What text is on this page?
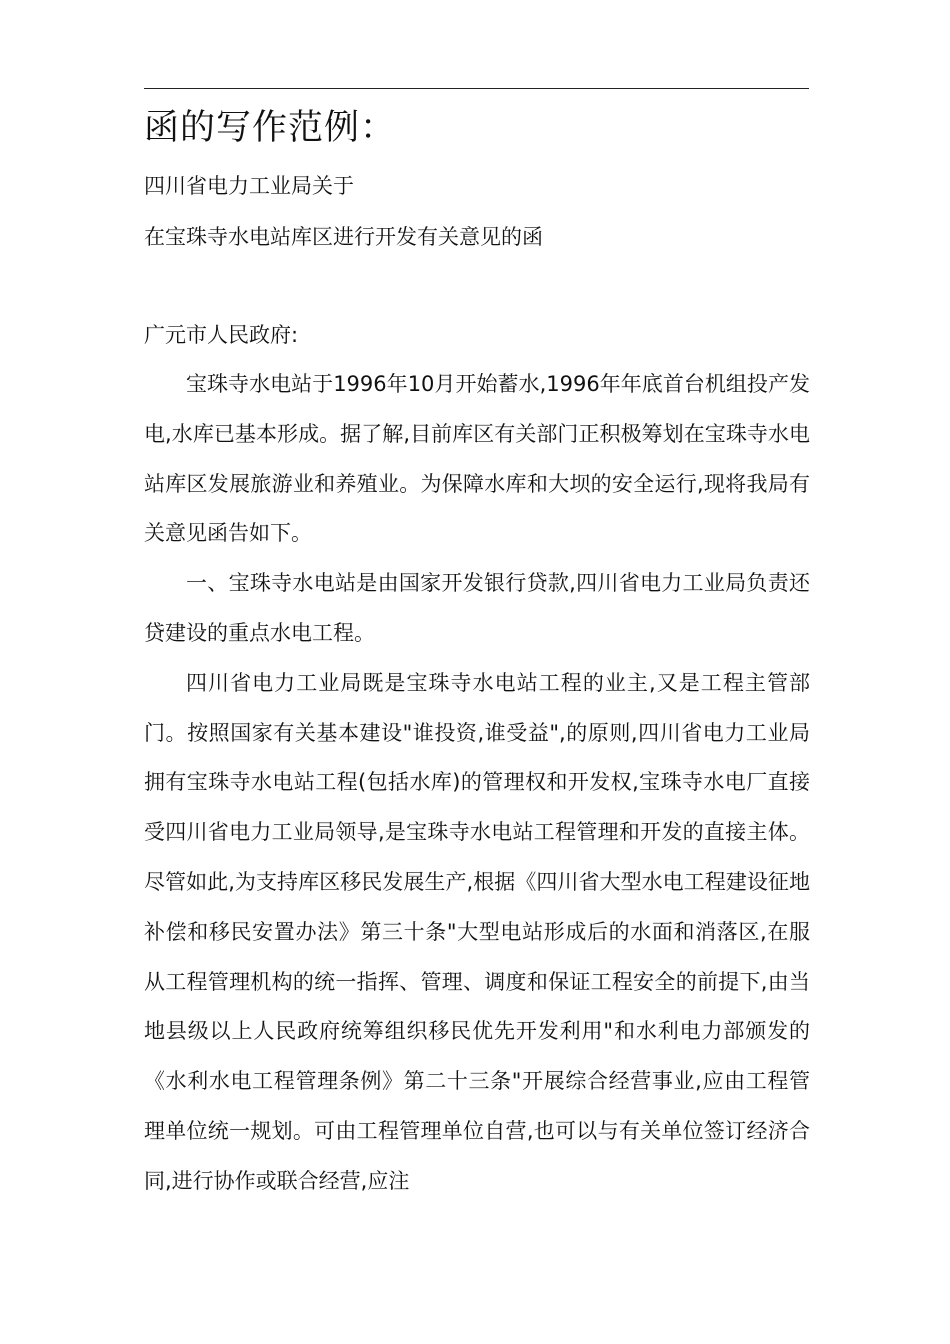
函的写作范例：

四川省电力工业局关于

在宝珠寺水电站库区进行开发有关意见的函

广元市人民政府:

宝珠寺水电站于1996年10月开始蓄水,1996年年底首台机组投产发电,水库已基本形成。据了解,目前库区有关部门正积极筹划在宝珠寺水电站库区发展旅游业和养殖业。为保障水库和大坝的安全运行,现将我局有关意见函告如下。

一、宝珠寺水电站是由国家开发银行贷款,四川省电力工业局负责还贷建设的重点水电工程。

四川省电力工业局既是宝珠寺水电站工程的业主,又是工程主管部门。按照国家有关基本建设"谁投资,谁受益",的原则,四川省电力工业局拥有宝珠寺水电站工程(包括水库)的管理权和开发权,宝珠寺水电厂直接受四川省电力工业局领导,是宝珠寺水电站工程管理和开发的直接主体。尽管如此,为支持库区移民发展生产,根据《四川省大型水电工程建设征地补偿和移民安置办法》第三十条"大型电站形成后的水面和消落区,在服从工程管理机构的统一指挥、管理、调度和保证工程安全的前提下,由当地县级以上人民政府统筹组织移民优先开发利用"和水利电力部颁发的《水利水电工程管理条例》第二十三条"开展综合经营事业,应由工程管理单位统一规划。可由工程管理单位自营,也可以与有关单位签订经济合同,进行协作或联合经营,应注
